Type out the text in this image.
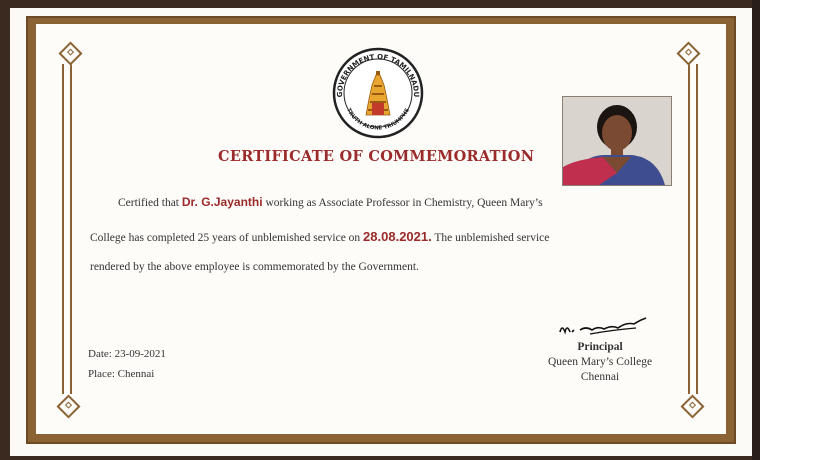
GOVERNMENT OF TAMILNADU
TRUTH ALONE TRIUMPHS
CERTIFICATE OF COMMEMORATION
Certified that Dr. G.Jayanthi working as Associate Professor in Chemistry, Queen Mary’s
College has completed 25 years of unblemished service on 28.08.2021. The unblemished service
rendered by the above employee is commemorated by the Government.
Date: 23-09-2021
Place: Chennai
Principal
Queen Mary’s College
Chennai
